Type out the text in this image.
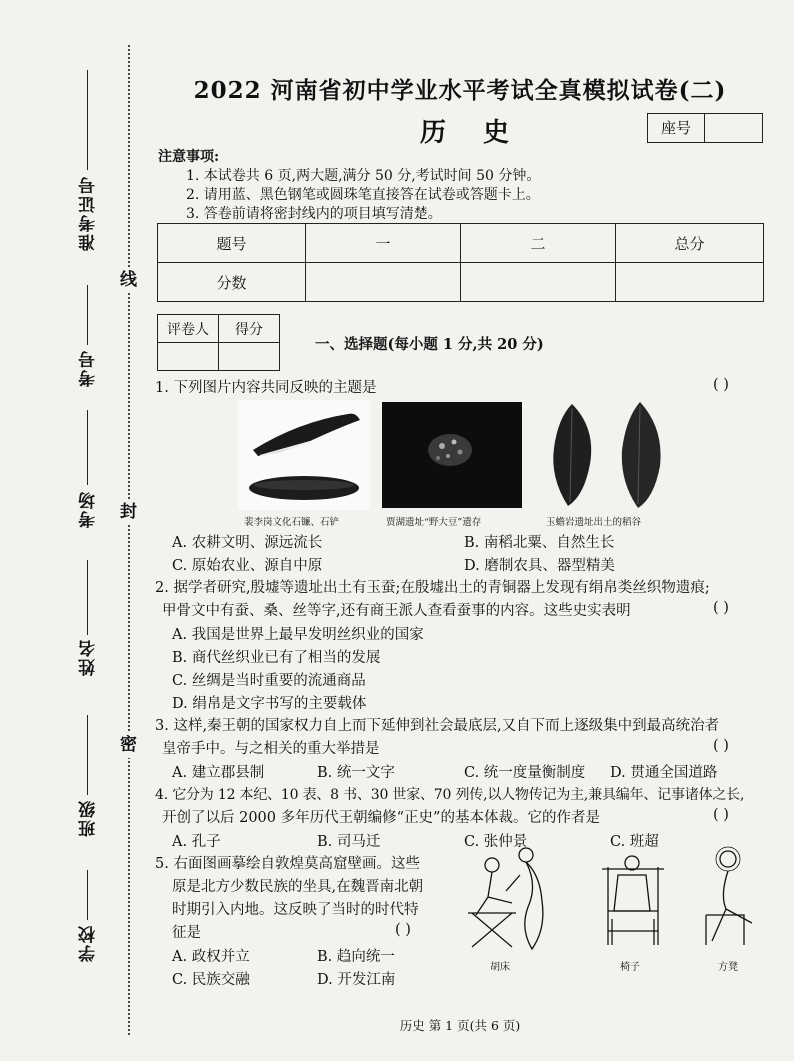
线
封
密
准考证号
考号
考场
姓名
班级
学校
2022 河南省初中学业水平考试全真模拟试卷(二)
历 史	座号
注意事项:
1. 本试卷共 6 页,两大题,满分 50 分,考试时间 50 分钟。
2. 请用蓝、黑色钢笔或圆珠笔直接答在试卷或答题卡上。
3. 答卷前请将密封线内的项目填写清楚。
题号	一	二	总分
分数			
评卷人	得分

一、选择题(每小题 1 分,共 20 分)
1. 下列图片内容共同反映的主题是	( )
裴李岗文化石镰、石铲	贾湖遗址“野大豆”遗存	玉蟾岩遗址出土的稻谷
A. 农耕文明、源远流长	B. 南稻北粟、自然生长
C. 原始农业、源自中原	D. 磨制农具、器型精美
2. 据学者研究,殷墟等遗址出土有玉蚕;在殷墟出土的青铜器上发现有绢帛类丝织物遗痕;
甲骨文中有蚕、桑、丝等字,还有商王派人查看蚕事的内容。这些史实表明	( )
A. 我国是世界上最早发明丝织业的国家
B. 商代丝织业已有了相当的发展
C. 丝绸是当时重要的流通商品
D. 绢帛是文字书写的主要载体
3. 这样,秦王朝的国家权力自上而下延伸到社会最底层,又自下而上逐级集中到最高统治者
皇帝手中。与之相关的重大举措是	( )
A. 建立郡县制	B. 统一文字	C. 统一度量衡制度 D. 贯通全国道路
4. 它分为 12 本纪、10 表、8 书、30 世家、70 列传,以人物传记为主,兼具编年、记事诸体之长,
开创了以后 2000 多年历代王朝编修“正史”的基本体裁。它的作者是	( )
A. 孔子	B. 司马迁	C. 张仲景	C. 班超
5. 右面图画摹绘自敦煌莫高窟壁画。这些
原是北方少数民族的坐具,在魏晋南北朝
时期引入内地。这反映了当时的时代特
征是	( )
A. 政权并立	B. 趋向统一
C. 民族交融	D. 开发江南
胡床	椅子	方凳
历史 第 1 页(共 6 页)
